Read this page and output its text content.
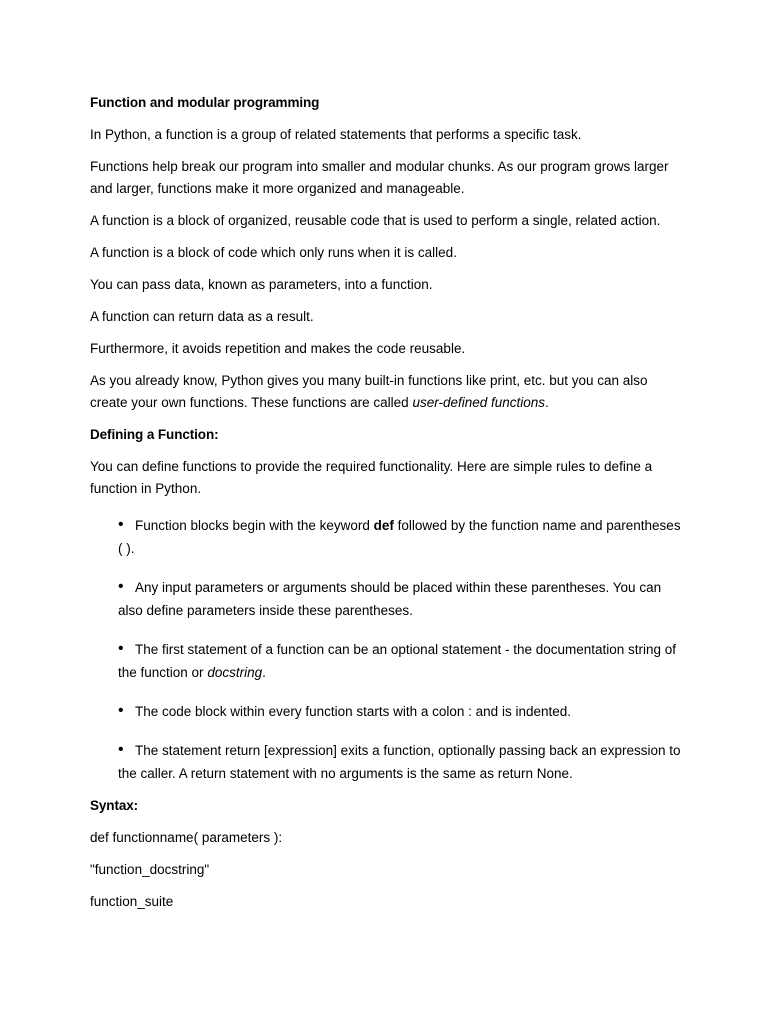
Function and modular programming

In Python, a function is a group of related statements that performs a specific task.

Functions help break our program into smaller and modular chunks. As our program grows larger and larger, functions make it more organized and manageable.

A function is a block of organized, reusable code that is used to perform a single, related action.

A function is a block of code which only runs when it is called.

You can pass data, known as parameters, into a function.

A function can return data as a result.

Furthermore, it avoids repetition and makes the code reusable.

As you already know, Python gives you many built-in functions like print, etc. but you can also create your own functions. These functions are called user-defined functions.

Defining a Function:

You can define functions to provide the required functionality. Here are simple rules to define a function in Python.

• Function blocks begin with the keyword def followed by the function name and parentheses ( ).
• Any input parameters or arguments should be placed within these parentheses. You can also define parameters inside these parentheses.
• The first statement of a function can be an optional statement - the documentation string of the function or docstring.
• The code block within every function starts with a colon : and is indented.
• The statement return [expression] exits a function, optionally passing back an expression to the caller. A return statement with no arguments is the same as return None.
Syntax:

def functionname( parameters ):

"function_docstring"

function_suite
